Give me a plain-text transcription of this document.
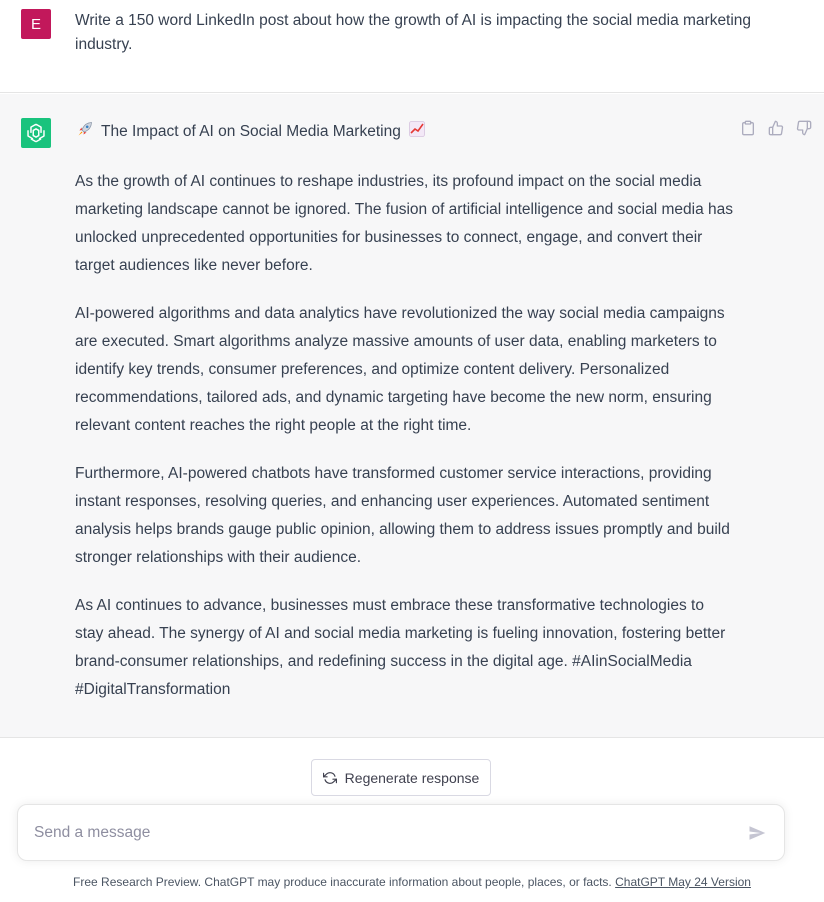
E	Write a 150 word LinkedIn post about how the growth of AI is impacting the social media marketing industry.
The Impact of AI on Social Media Marketing

As the growth of AI continues to reshape industries, its profound impact on the social media marketing landscape cannot be ignored. The fusion of artificial intelligence and social media has unlocked unprecedented opportunities for businesses to connect, engage, and convert their target audiences like never before.

AI-powered algorithms and data analytics have revolutionized the way social media campaigns are executed. Smart algorithms analyze massive amounts of user data, enabling marketers to identify key trends, consumer preferences, and optimize content delivery. Personalized recommendations, tailored ads, and dynamic targeting have become the new norm, ensuring relevant content reaches the right people at the right time.

Furthermore, AI-powered chatbots have transformed customer service interactions, providing instant responses, resolving queries, and enhancing user experiences. Automated sentiment analysis helps brands gauge public opinion, allowing them to address issues promptly and build stronger relationships with their audience.

As AI continues to advance, businesses must embrace these transformative technologies to stay ahead. The synergy of AI and social media marketing is fueling innovation, fostering better brand-consumer relationships, and redefining success in the digital age. #AIinSocialMedia #DigitalTransformation

Regenerate response
Send a message
Free Research Preview. ChatGPT may produce inaccurate information about people, places, or facts. ChatGPT May 24 Version
